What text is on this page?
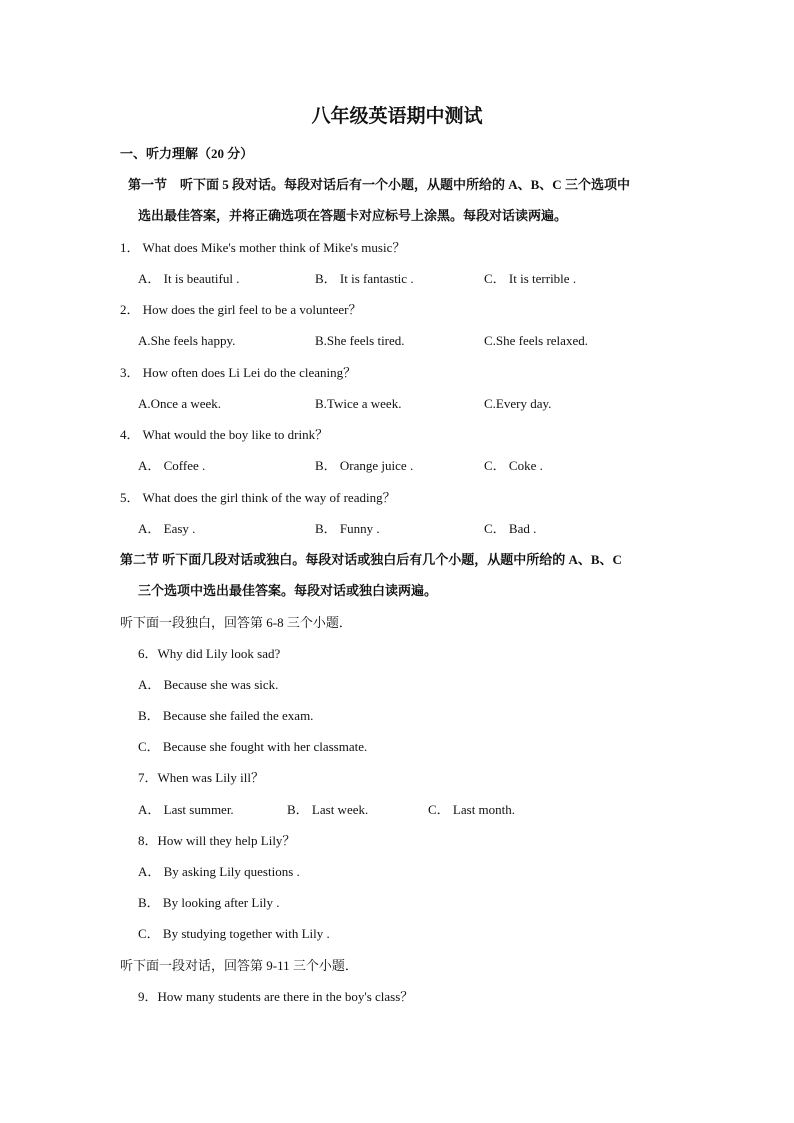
八年级英语期中测试
一、听力理解（20 分）
第一节　听下面 5 段对话。每段对话后有一个小题，从题中所给的 A、B、C 三个选项中
选出最佳答案，并将正确选项在答题卡对应标号上涂黑。每段对话读两遍。
1． What does Mike's mother think of Mike's music？
A． It is beautiful .	B． It is fantastic .	C． It is terrible .
2． How does the girl feel to be a volunteer？
A.She feels happy.	B.She feels tired.	C.She feels relaxed.
3． How often does Li Lei do the cleaning？
A.Once a week.	B.Twice a week.	C.Every day.
4． What would the boy like to drink？
A． Coffee .	B． Orange juice .	C． Coke .
5． What does the girl think of the way of reading？
A． Easy .	B． Funny .	C． Bad .
第二节 听下面几段对话或独白。每段对话或独白后有几个小题，从题中所给的 A、B、C
三个选项中选出最佳答案。每段对话或独白读两遍。
听下面一段独白，回答第 6-8 三个小题．
6．Why did Lily look sad?
A． Because she was sick.
B． Because she failed the exam.
C． Because she fought with her classmate.
7．When was Lily ill？
A． Last summer.	B． Last week.	C． Last month.
8．How will they help Lily？
A． By asking Lily questions .
B． By looking after Lily .
C． By studying together with Lily .
听下面一段对话，回答第 9-11 三个小题．
9．How many students are there in the boy's class？
